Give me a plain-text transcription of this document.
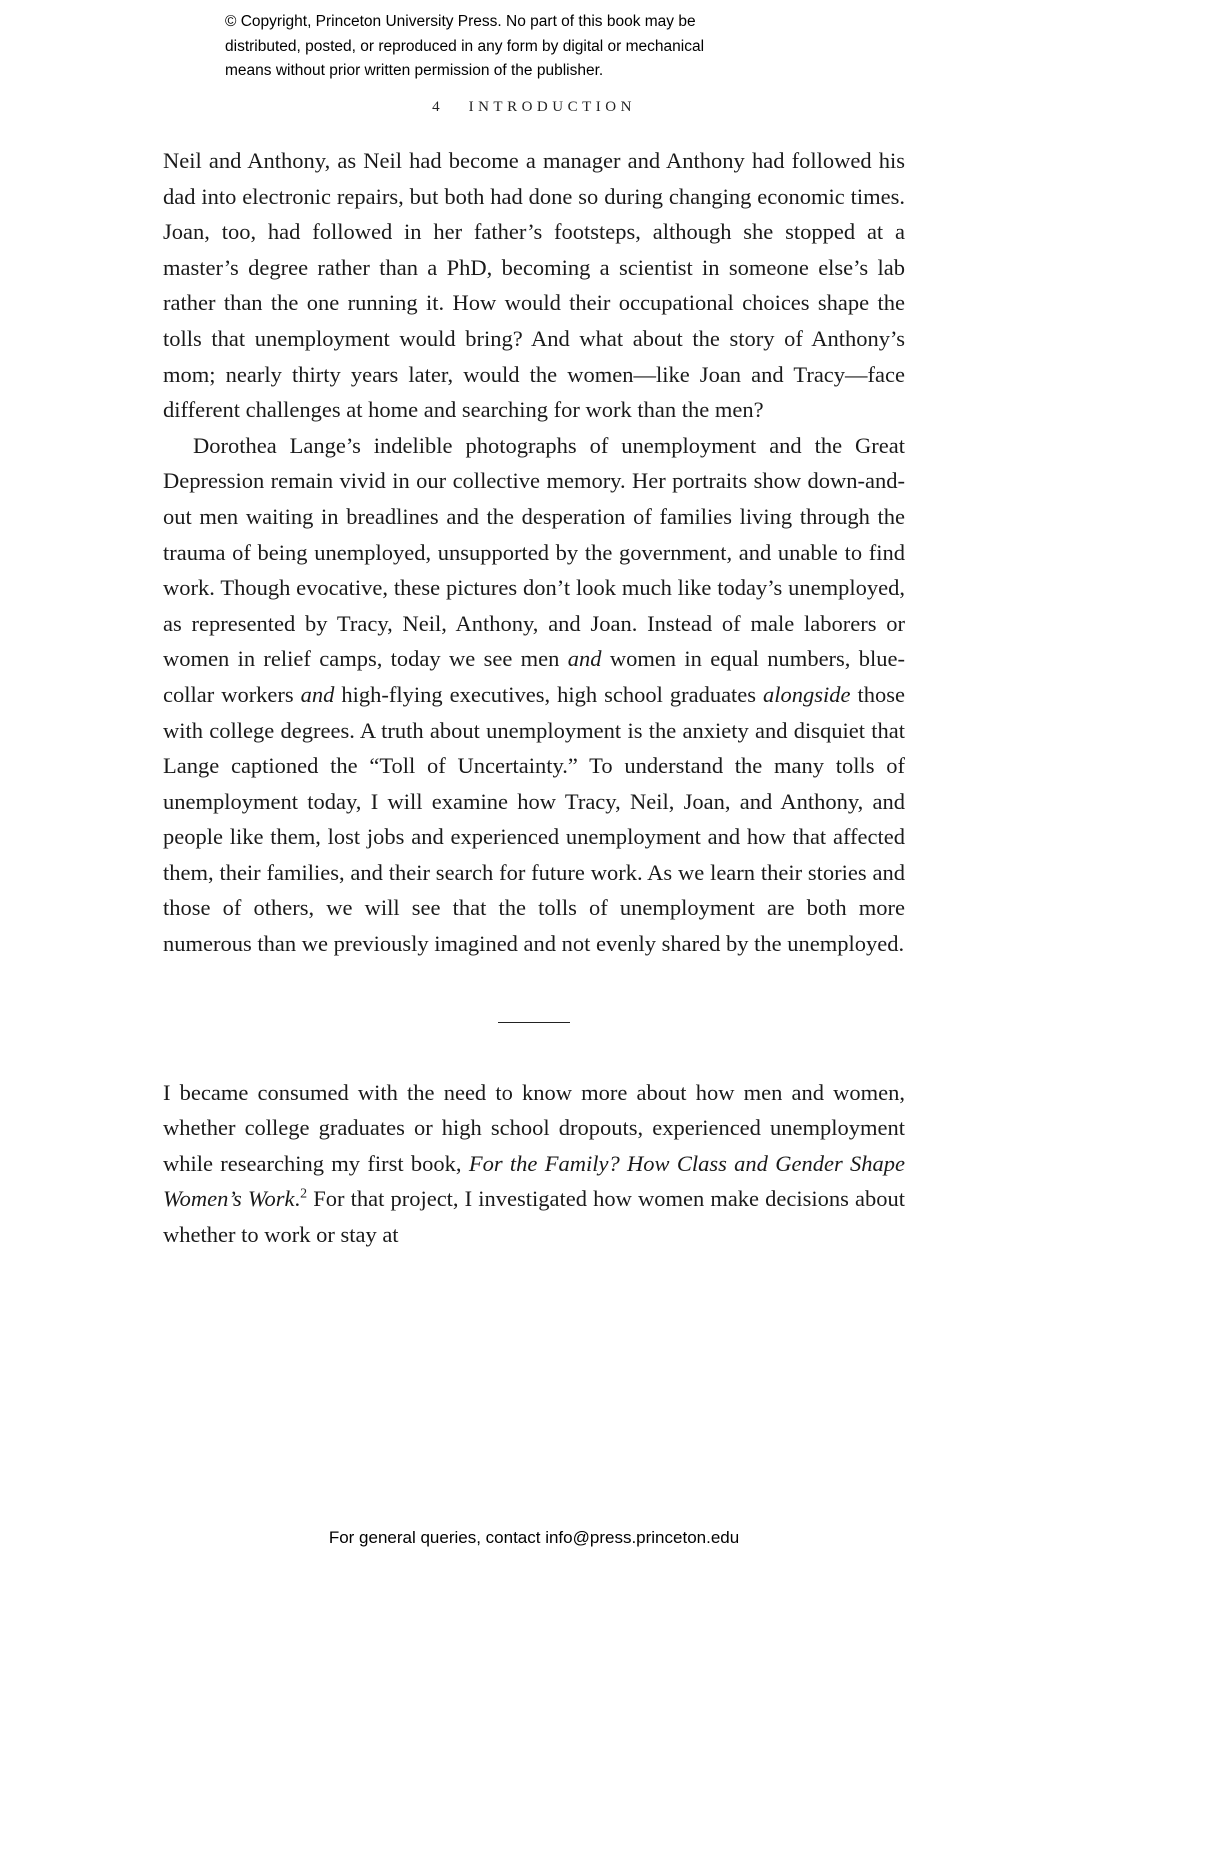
© Copyright, Princeton University Press. No part of this book may be
distributed, posted, or reproduced in any form by digital or mechanical
means without prior written permission of the publisher.
4 INTRODUCTION

Neil and Anthony, as Neil had become a manager and Anthony had followed his dad into electronic repairs, but both had done so during changing economic times. Joan, too, had followed in her father’s footsteps, although she stopped at a master’s degree rather than a PhD, becoming a scientist in someone else’s lab rather than the one running it. How would their occupational choices shape the tolls that unemployment would bring? And what about the story of Anthony’s mom; nearly thirty years later, would the women—like Joan and Tracy—face different challenges at home and searching for work than the men?

Dorothea Lange’s indelible photographs of unemployment and the Great Depression remain vivid in our collective memory. Her portraits show down-and-out men waiting in breadlines and the desperation of families living through the trauma of being unemployed, unsupported by the government, and unable to find work. Though evocative, these pictures don’t look much like today’s unemployed, as represented by Tracy, Neil, Anthony, and Joan. Instead of male laborers or women in relief camps, today we see men and women in equal numbers, blue-collar workers and high-flying executives, high school graduates alongside those with college degrees. A truth about unemployment is the anxiety and disquiet that Lange captioned the “Toll of Uncertainty.” To understand the many tolls of unemployment today, I will examine how Tracy, Neil, Joan, and Anthony, and people like them, lost jobs and experienced unemployment and how that affected them, their families, and their search for future work. As we learn their stories and those of others, we will see that the tolls of unemployment are both more numerous than we previously imagined and not evenly shared by the unemployed.

I became consumed with the need to know more about how men and women, whether college graduates or high school dropouts, experienced unemployment while researching my first book, For the Family? How Class and Gender Shape Women’s Work.$^2$ For that project, I investigated how women make decisions about whether to work or stay at

For general queries, contact info@press.princeton.edu
